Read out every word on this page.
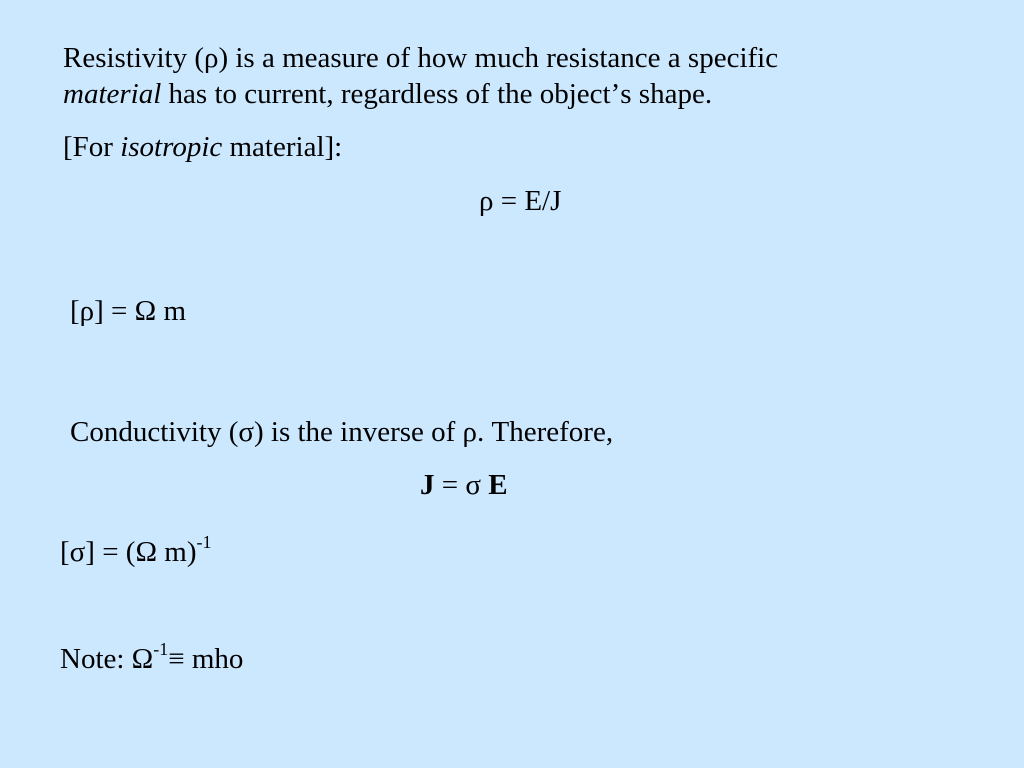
Resistivity (ρ) is a measure of how much resistance a specific
material has to current, regardless of the objectʼs shape.
[For isotropic material]:
ρ = E/J
[ρ] = Ω m
Conductivity (σ) is the inverse of ρ. Therefore,
J = σ E
[σ] = (Ω m)$^{-1}$
Note: $\Omega^{-1}\equiv$ mho
